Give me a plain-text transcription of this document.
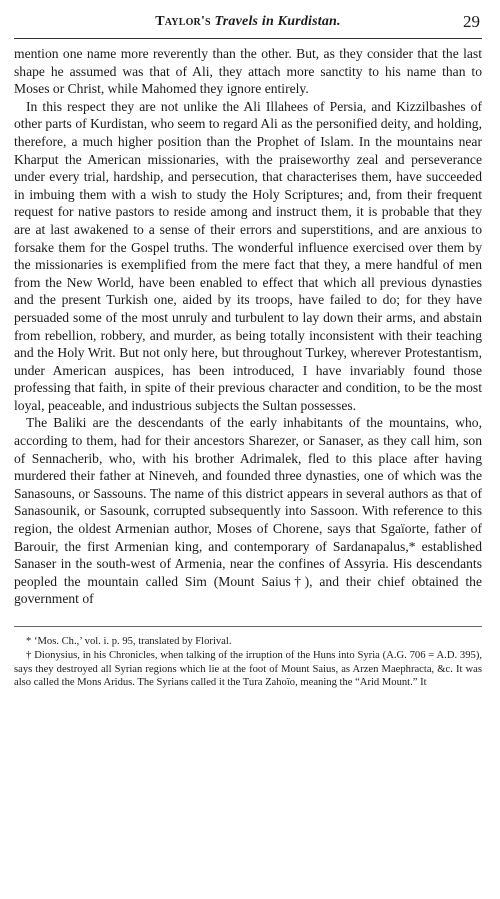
Taylor's Travels in Kurdistan.	29

mention one name more reverently than the other. But, as they consider that the last shape he assumed was that of Ali, they attach more sanctity to his name than to Moses or Christ, while Mahomed they ignore entirely.

In this respect they are not unlike the Ali Illahees of Persia, and Kizzilbashes of other parts of Kurdistan, who seem to regard Ali as the personified deity, and holding, therefore, a much higher position than the Prophet of Islam. In the mountains near Kharput the American missionaries, with the praiseworthy zeal and perseverance under every trial, hardship, and persecution, that characterises them, have succeeded in imbuing them with a wish to study the Holy Scriptures; and, from their frequent request for native pastors to reside among and instruct them, it is probable that they are at last awakened to a sense of their errors and superstitions, and are anxious to forsake them for the Gospel truths. The wonderful influence exercised over them by the missionaries is exemplified from the mere fact that they, a mere handful of men from the New World, have been enabled to effect that which all previous dynasties and the present Turkish one, aided by its troops, have failed to do; for they have persuaded some of the most unruly and turbulent to lay down their arms, and abstain from rebellion, robbery, and murder, as being totally inconsistent with their teaching and the Holy Writ. But not only here, but throughout Turkey, wherever Protestantism, under American auspices, has been introduced, I have invariably found those professing that faith, in spite of their previous character and condition, to be the most loyal, peaceable, and industrious subjects the Sultan possesses.

The Baliki are the descendants of the early inhabitants of the mountains, who, according to them, had for their ancestors Sharezer, or Sanaser, as they call him, son of Sennacherib, who, with his brother Adrimalek, fled to this place after having murdered their father at Nineveh, and founded three dynasties, one of which was the Sanasouns, or Sassouns. The name of this district appears in several authors as that of Sanasounik, or Sasounk, corrupted subsequently into Sassoon. With reference to this region, the oldest Armenian author, Moses of Chorene, says that Sgaïorte, father of Barouir, the first Armenian king, and contemporary of Sardanapalus,* established Sanaser in the south-west of Armenia, near the confines of Assyria. His descendants peopled the mountain called Sim (Mount Saius†), and their chief obtained the government of

* ‘Mos. Ch.,’ vol. i. p. 95, translated by Florival.

† Dionysius, in his Chronicles, when talking of the irruption of the Huns into Syria (A.G. 706 = A.D. 395), says they destroyed all Syrian regions which lie at the foot of Mount Saius, as Arzen Maephracta, &c. It was also called the Mons Aridus. The Syrians called it the Tura Zahoïo, meaning the “Arid Mount.” It
